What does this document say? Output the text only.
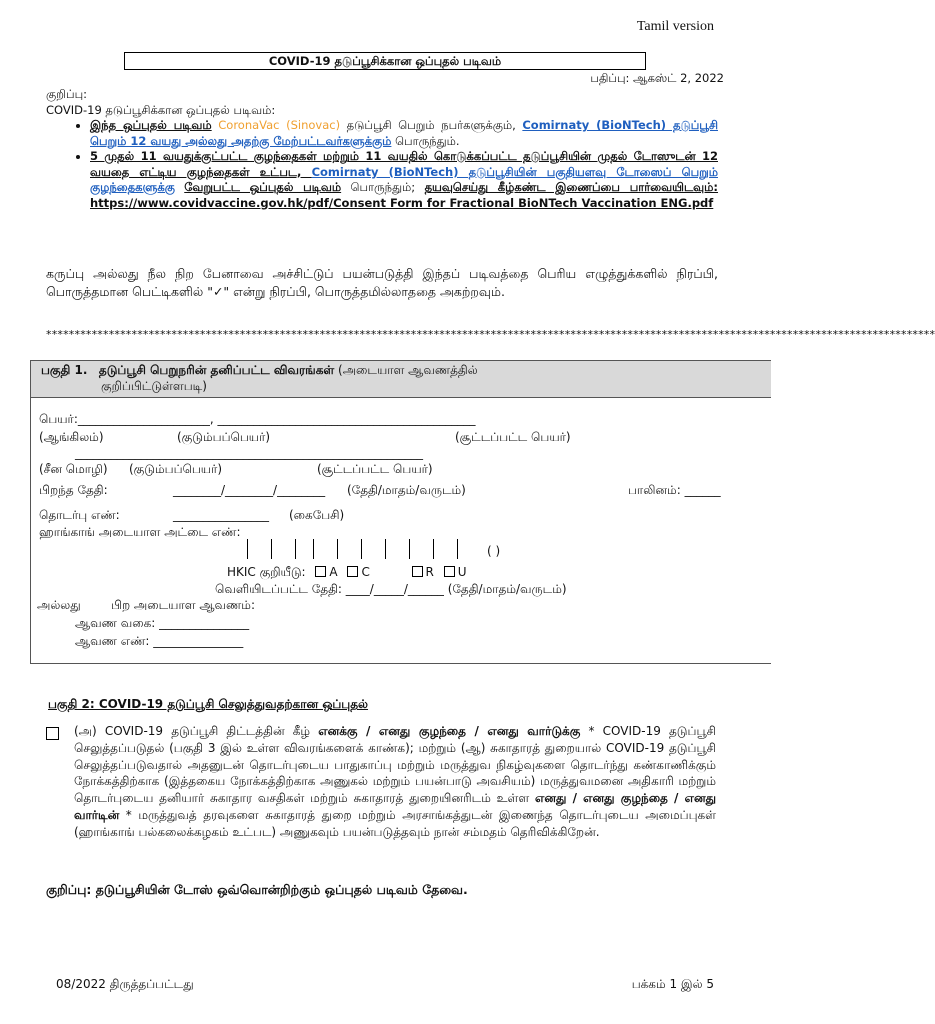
Tamil version
COVID-19 தடுப்பூசிக்கான ஒப்புதல் படிவம்
பதிப்பு: ஆகஸ்ட் 2, 2022
குறிப்பு:
COVID-19 தடுப்பூசிக்கான ஒப்புதல் படிவம்:
• இந்த ஒப்புதல் படிவம் CoronaVac (Sinovac) தடுப்பூசி பெறும் நபர்களுக்கும், Comirnaty (BioNTech) தடுப்பூசி பெறும் 12 வயது அல்லது அதற்கு மேற்பட்டவர்களுக்கும் பொருந்தும்.
• 5 முதல் 11 வயதுக்குட்பட்ட குழந்தைகள் மற்றும் 11 வயதில் கொடுக்கப்பட்ட தடுப்பூசியின் முதல் டோஸுடன் 12 வயதை எட்டிய குழந்தைகள் உட்பட, Comirnaty (BioNTech) தடுப்பூசியின் பகுதியளவு டோஸைப் பெறும் குழந்தைகளுக்கு வேறுபட்ட ஒப்புதல் படிவம் பொருந்தும்; தயவுசெய்து கீழ்கண்ட இணைப்பை பார்வையிடவும்: https://www.covidvaccine.gov.hk/pdf/Consent Form for Fractional BioNTech Vaccination ENG.pdf
கருப்பு அல்லது நீல நிற பேனாவை அச்சிட்டுப் பயன்படுத்தி இந்தப் படிவத்தை பெரிய எழுத்துக்களில் நிரப்பி, பொருத்தமான பெட்டிகளில் "✓" என்று நிரப்பி, பொருத்தமில்லாததை அகற்றவும்.
************************************************************************************************************************************************************
பகுதி 1. தடுப்பூசி பெறுநரின் தனிப்பட்ட விவரங்கள் (அடையாள ஆவணத்தில்
குறிப்பிட்டுள்ளபடி)
பெயர்:______________________, ___________________________________________
(ஆங்கிலம்)	(குடும்பப்பெயர்)	(சூட்டப்பட்ட பெயர்)
__________________________________________________________
(சீன மொழி) (குடும்பப்பெயர்)	(சூட்டப்பட்ட பெயர்)
பிறந்த தேதி:	________/________/________ (தேதி/மாதம்/வருடம்)	பாலினம்: ______
தொடர்பு எண்:	________________ (கைபேசி)
ஹாங்காங் அடையாள அட்டை எண்:
( )
HKIC குறியீடு: A C	R U
வெளியிடப்பட்ட தேதி: ____/_____/______ (தேதி/மாதம்/வருடம்)
அல்லது	பிற அடையாள ஆவணம்:
ஆவண வகை: _______________
ஆவண எண்: _______________
பகுதி 2: COVID-19 தடுப்பூசி செலுத்துவதற்கான ஒப்புதல்
(அ) COVID-19 தடுப்பூசி திட்டத்தின் கீழ் எனக்கு / எனது குழந்தை / எனது வார்டுக்கு * COVID-19 தடுப்பூசி செலுத்தப்படுதல் (பகுதி 3 இல் உள்ள விவரங்களைக் காண்க); மற்றும் (ஆ) சுகாதாரத் துறையால் COVID-19 தடுப்பூசி செலுத்தப்படுவதால் அதனுடன் தொடர்புடைய பாதுகாப்பு மற்றும் மருத்துவ நிகழ்வுகளை தொடர்ந்து கண்காணிக்கும் நோக்கத்திற்காக (இத்தகைய நோக்கத்திற்காக அணுகல் மற்றும் பயன்பாடு அவசியம்) மருத்துவமனை அதிகாரி மற்றும் தொடர்புடைய தனியார் சுகாதார வசதிகள் மற்றும் சுகாதாரத் துறையினரிடம் உள்ள எனது / எனது குழந்தை / எனது வார்டின் * மருத்துவத் தரவுகளை சுகாதாரத் துறை மற்றும் அரசாங்கத்துடன் இணைந்த தொடர்புடைய அமைப்புகள் (ஹாங்காங் பல்கலைக்கழகம் உட்பட) அணுகவும் பயன்படுத்தவும் நான் சம்மதம் தெரிவிக்கிறேன்.
குறிப்பு: தடுப்பூசியின் டோஸ் ஒவ்வொன்றிற்கும் ஒப்புதல் படிவம் தேவை.
08/2022 திருத்தப்பட்டது	பக்கம் 1 இல் 5
